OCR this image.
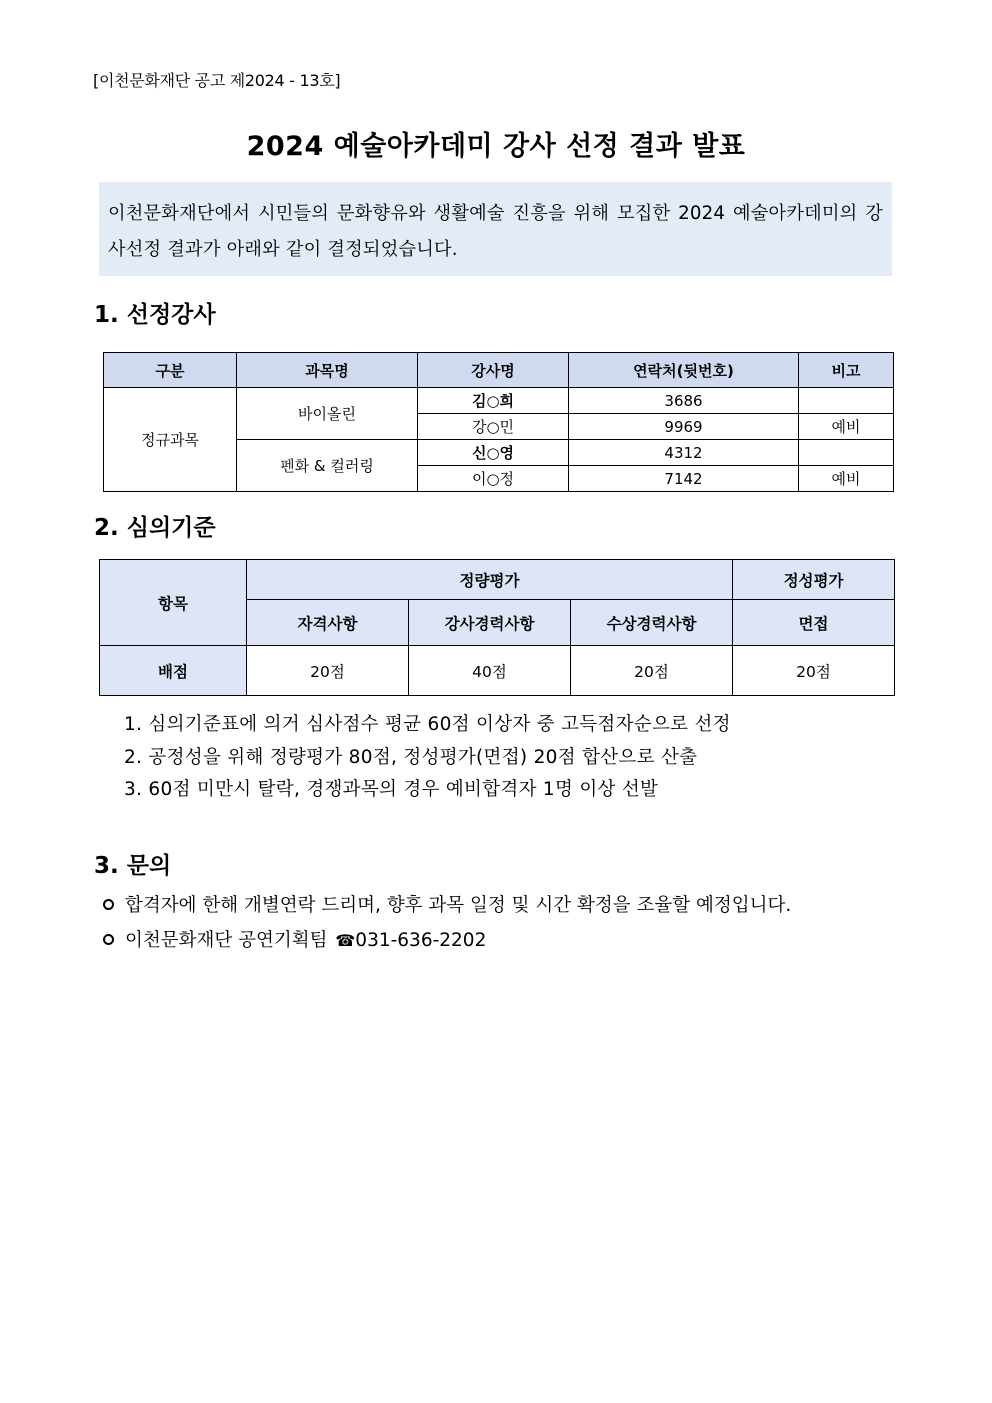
[이천문화재단 공고 제2024 - 13호]
2024 예술아카데미 강사 선정 결과 발표
이천문화재단에서 시민들의 문화향유와 생활예술 진흥을 위해 모집한 2024 예술아카데미의 강사선정 결과가 아래와 같이 결정되었습니다.
1. 선정강사
구분	과목명	강사명	연락처(뒷번호)	비고
정규과목	바이올린	김○희	3686	
		강○민	9969	예비
	펜화 & 컬러링	신○영	4312	
		이○정	7142	예비
2. 심의기준
항목	정량평가			정성평가
	자격사항	강사경력사항	수상경력사항	면접
배점	20점	40점	20점	20점
1. 심의기준표에 의거 심사점수 평균 60점 이상자 중 고득점자순으로 선정
2. 공정성을 위해 정량평가 80점, 정성평가(면접) 20점 합산으로 산출
3. 60점 미만시 탈락, 경쟁과목의 경우 예비합격자 1명 이상 선발
3. 문의
합격자에 한해 개별연락 드리며, 향후 과목 일정 및 시간 확정을 조율할 예정입니다.
이천문화재단 공연기획팀 ☎031-636-2202
